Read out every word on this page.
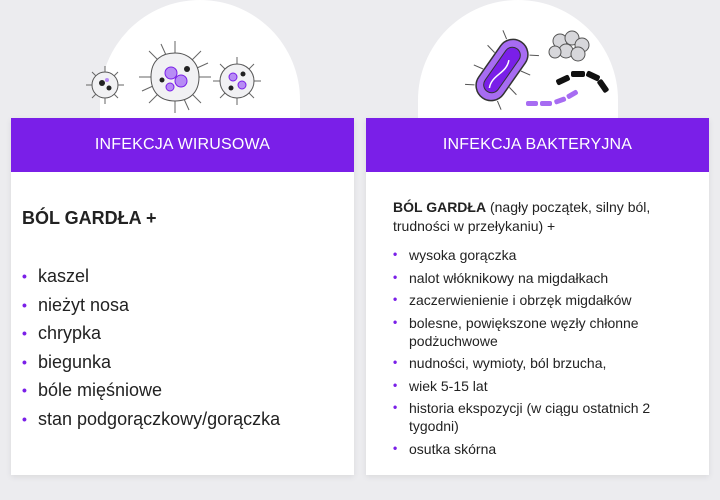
INFEKCJA WIRUSOWA
BÓL GARDŁA +
• kaszel
• nieżyt nosa
• chrypka
• biegunka
• bóle mięśniowe
• stan podgorączkowy/gorączka
INFEKCJA BAKTERYJNA
BÓL GARDŁA (nagły początek, silny ból, trudności w przełykaniu) +
• wysoka gorączka
• nalot włóknikowy na migdałkach
• zaczerwienienie i obrzęk migdałków
• bolesne, powiększone węzły chłonne podżuchwowe
• nudności, wymioty, ból brzucha,
• wiek 5-15 lat
• historia ekspozycji (w ciągu ostatnich 2 tygodni)
• osutka skórna
